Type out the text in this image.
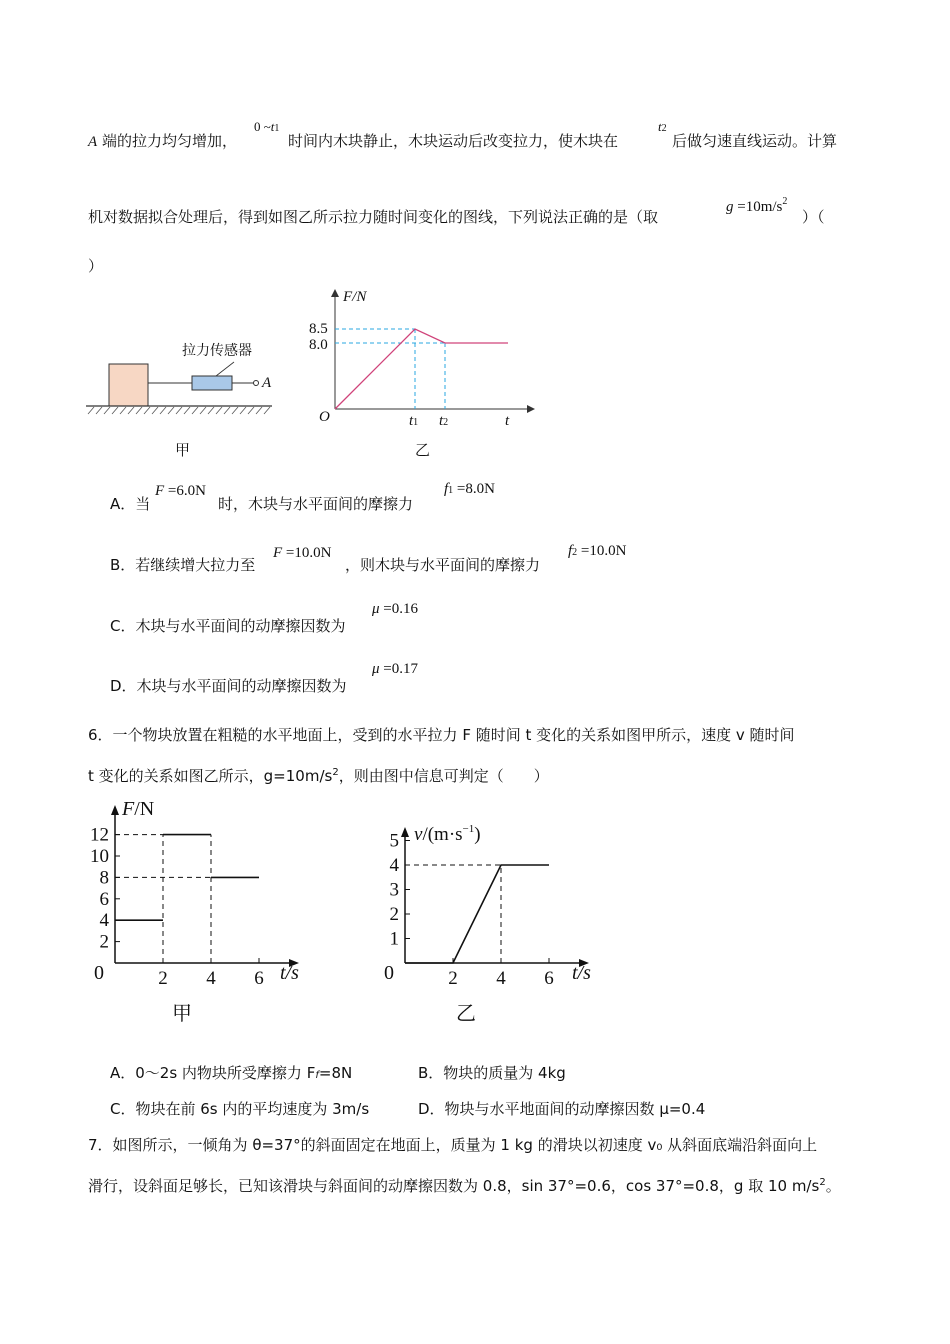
A 端的拉力均匀增加，
0 ~t1
时间内木块静止，木块运动后改变拉力，使木块在
t2
后做匀速直线运动。计算
机对数据拟合处理后，得到如图乙所示拉力随时间变化的图线，下列说法正确的是（取
$g =10m/s^2$
）（
）
拉力传感器
A
甲
F/N
8.5
8.0
O	t1 t2	t
乙
A．当
F =6.0N
时，木块与水平面间的摩擦力
f1 =8.0N
B．若继续增大拉力至
F =10.0N
，则木块与水平面间的摩擦力
f2 =10.0N
C．木块与水平面间的动摩擦因数为
μ =0.16
D．木块与水平面间的动摩擦因数为
μ =0.17
6．一个物块放置在粗糙的水平地面上，受到的水平拉力 F 随时间 t 变化的关系如图甲所示，速度 v 随时间
t 变化的关系如图乙所示，$g=10m/s^2$，则由图中信息可判定（　　）
2
4
6
8
10
12
2 4 6
F/N
0	t/s
甲
1
2
3
4
5
2 4 6
$v/(m\cdot s^{-1})$
0	t/s
乙
A．0～2s 内物块所受摩擦力 Ff=8N	B．物块的质量为 4kg
C．物块在前 6s 内的平均速度为 3m/s	D．物块与水平地面间的动摩擦因数 μ=0.4
7．如图所示，一倾角为 θ=37°的斜面固定在地面上，质量为 1 kg 的滑块以初速度 v₀ 从斜面底端沿斜面向上
滑行，设斜面足够长，已知该滑块与斜面间的动摩擦因数为 0.8，sin 37°=0.6，cos 37°=0.8，g 取 10 $m/s^2$。
